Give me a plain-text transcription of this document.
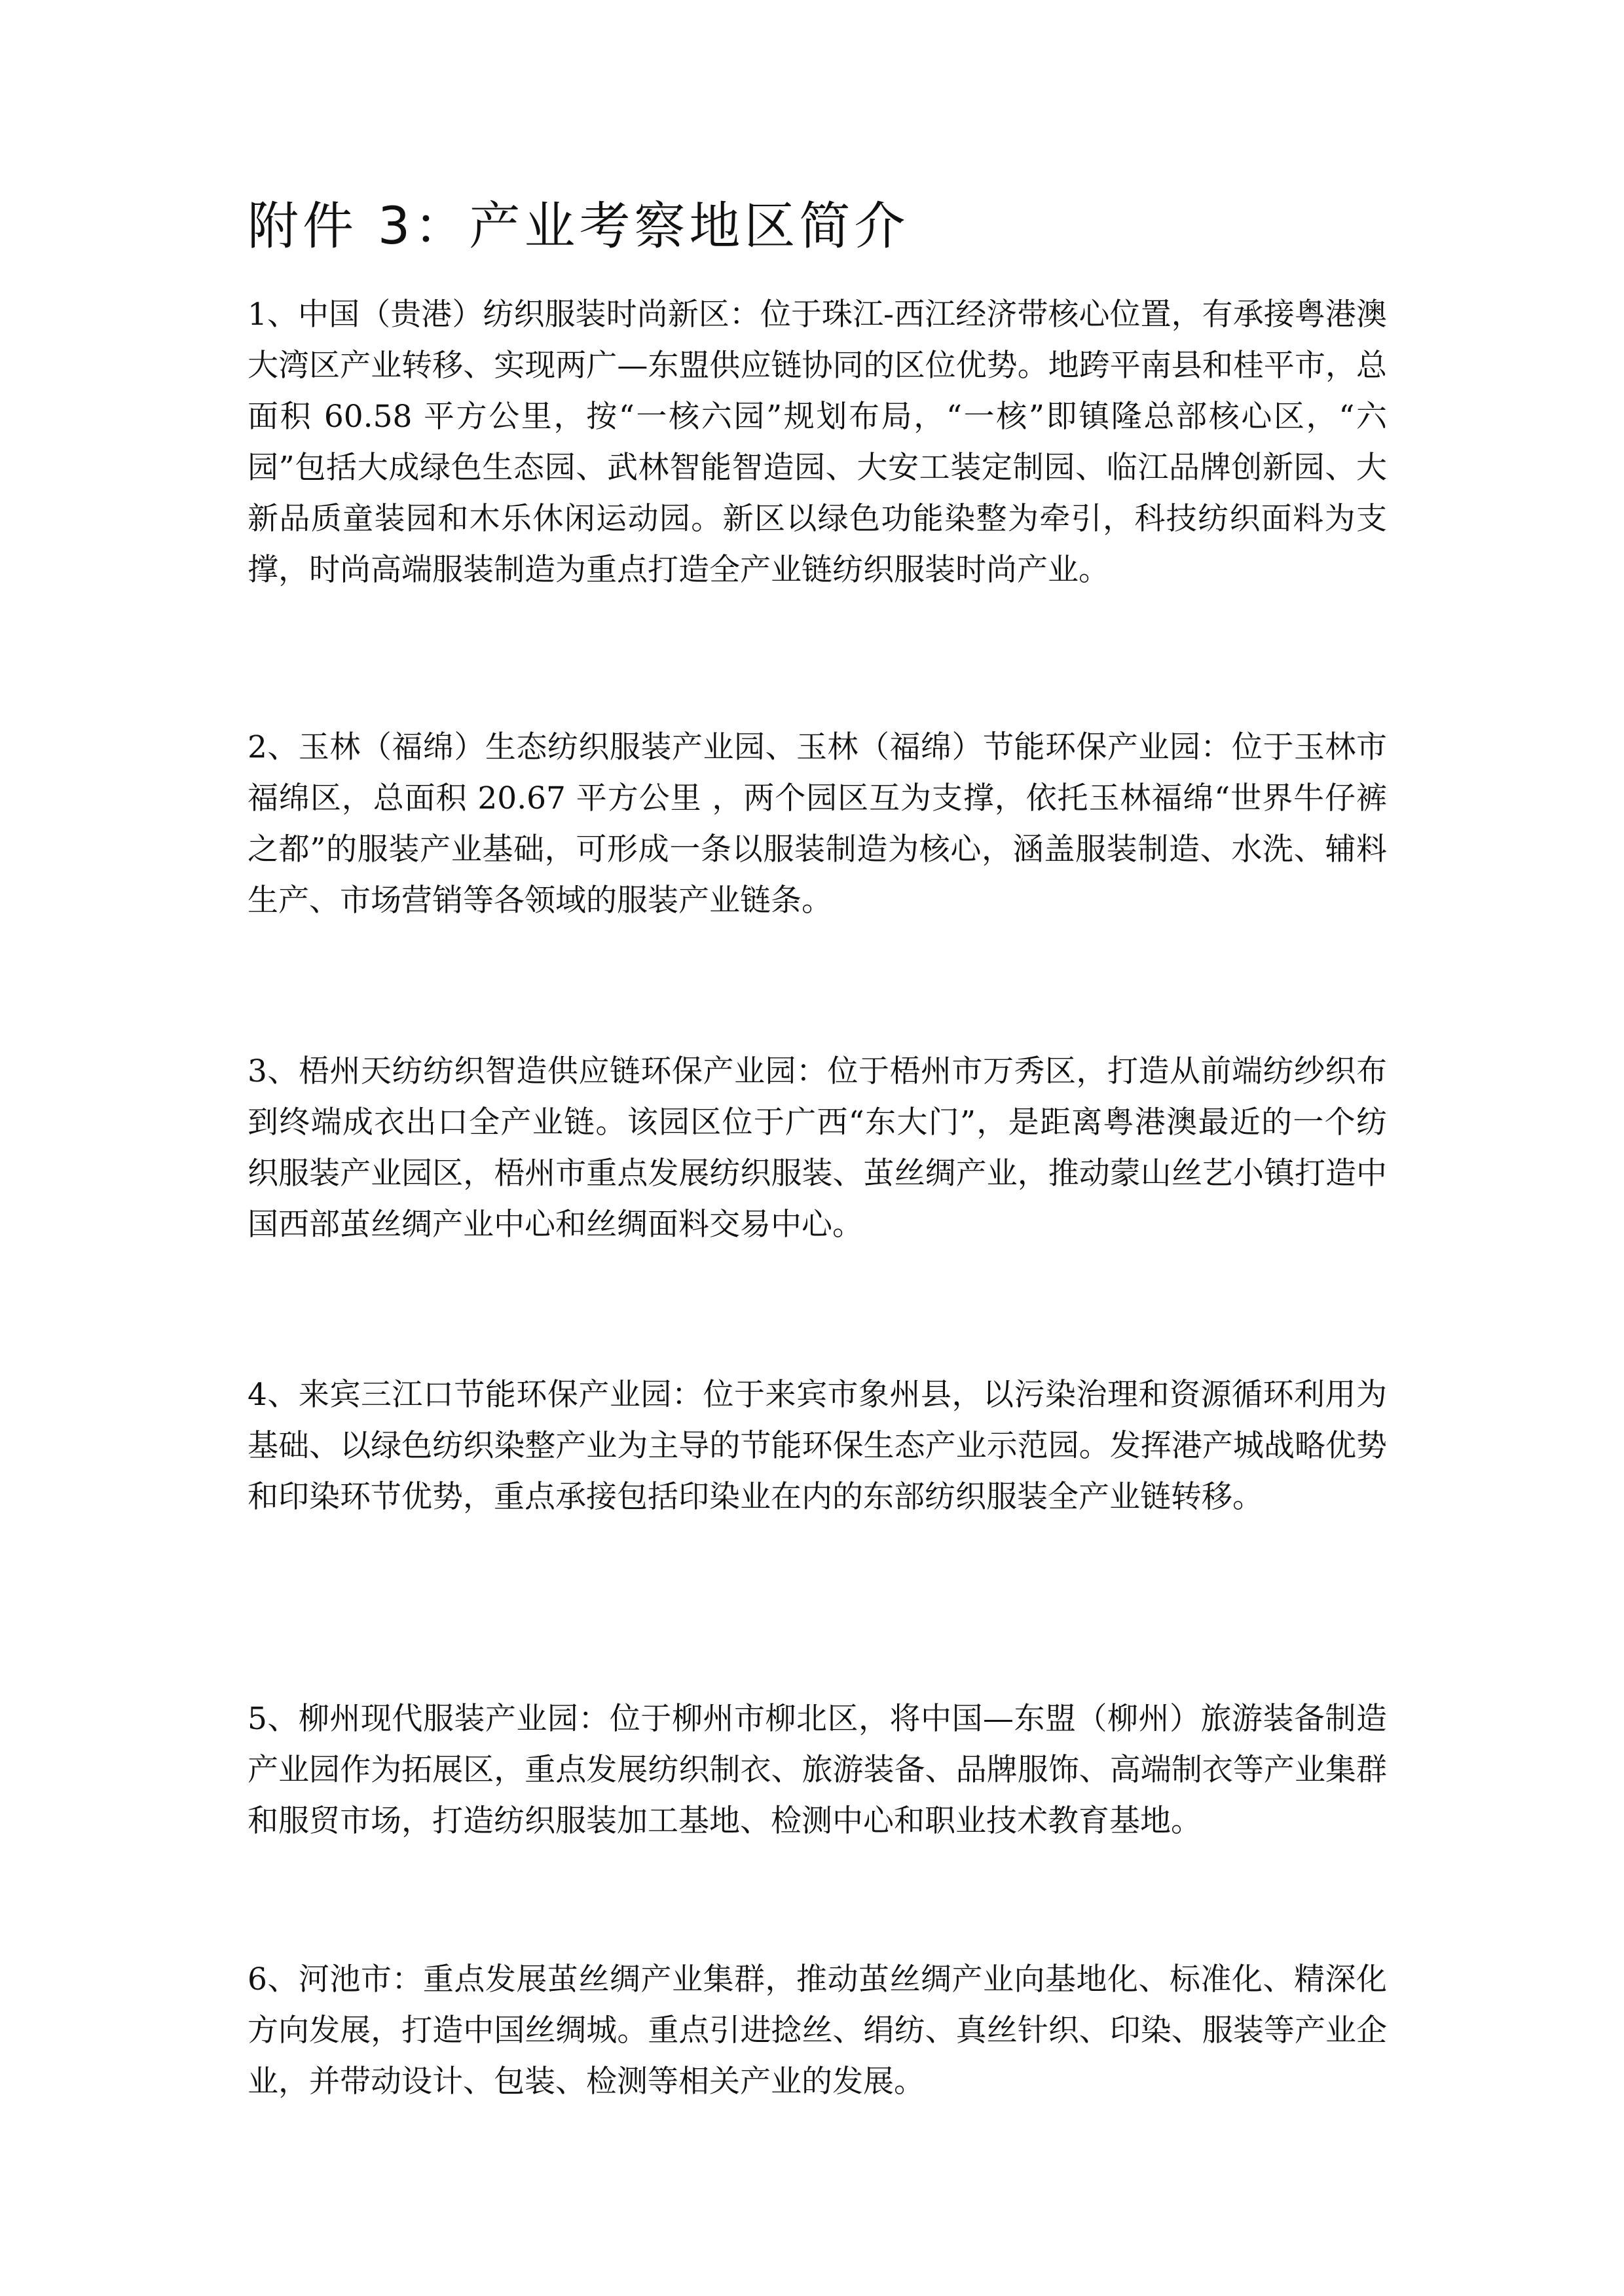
附件 3：产业考察地区简介

1、中国（贵港）纺织服装时尚新区：位于珠江-西江经济带核心位置，有承接粤港澳大湾区产业转移、实现两广—东盟供应链协同的区位优势。地跨平南县和桂平市，总面积 60.58 平方公里，按“一核六园”规划布局，“一核”即镇隆总部核心区，“六园”包括大成绿色生态园、武林智能智造园、大安工装定制园、临江品牌创新园、大新品质童装园和木乐休闲运动园。新区以绿色功能染整为牵引，科技纺织面料为支撑，时尚高端服装制造为重点打造全产业链纺织服装时尚产业。

2、玉林（福绵）生态纺织服装产业园、玉林（福绵）节能环保产业园：位于玉林市福绵区，总面积 20.67 平方公里 ，两个园区互为支撑，依托玉林福绵“世界牛仔裤之都”的服装产业基础，可形成一条以服装制造为核心，涵盖服装制造、水洗、辅料生产、市场营销等各领域的服装产业链条。

3、梧州天纺纺织智造供应链环保产业园：位于梧州市万秀区，打造从前端纺纱织布到终端成衣出口全产业链。该园区位于广西“东大门”，是距离粤港澳最近的一个纺织服装产业园区，梧州市重点发展纺织服装、茧丝绸产业，推动蒙山丝艺小镇打造中国西部茧丝绸产业中心和丝绸面料交易中心。

4、来宾三江口节能环保产业园：位于来宾市象州县，以污染治理和资源循环利用为基础、以绿色纺织染整产业为主导的节能环保生态产业示范园。发挥港产城战略优势和印染环节优势，重点承接包括印染业在内的东部纺织服装全产业链转移。

5、柳州现代服装产业园：位于柳州市柳北区，将中国—东盟（柳州）旅游装备制造产业园作为拓展区，重点发展纺织制衣、旅游装备、品牌服饰、高端制衣等产业集群和服贸市场，打造纺织服装加工基地、检测中心和职业技术教育基地。

6、河池市：重点发展茧丝绸产业集群，推动茧丝绸产业向基地化、标准化、精深化方向发展，打造中国丝绸城。重点引进捻丝、绢纺、真丝针织、印染、服装等产业企业，并带动设计、包装、检测等相关产业的发展。
